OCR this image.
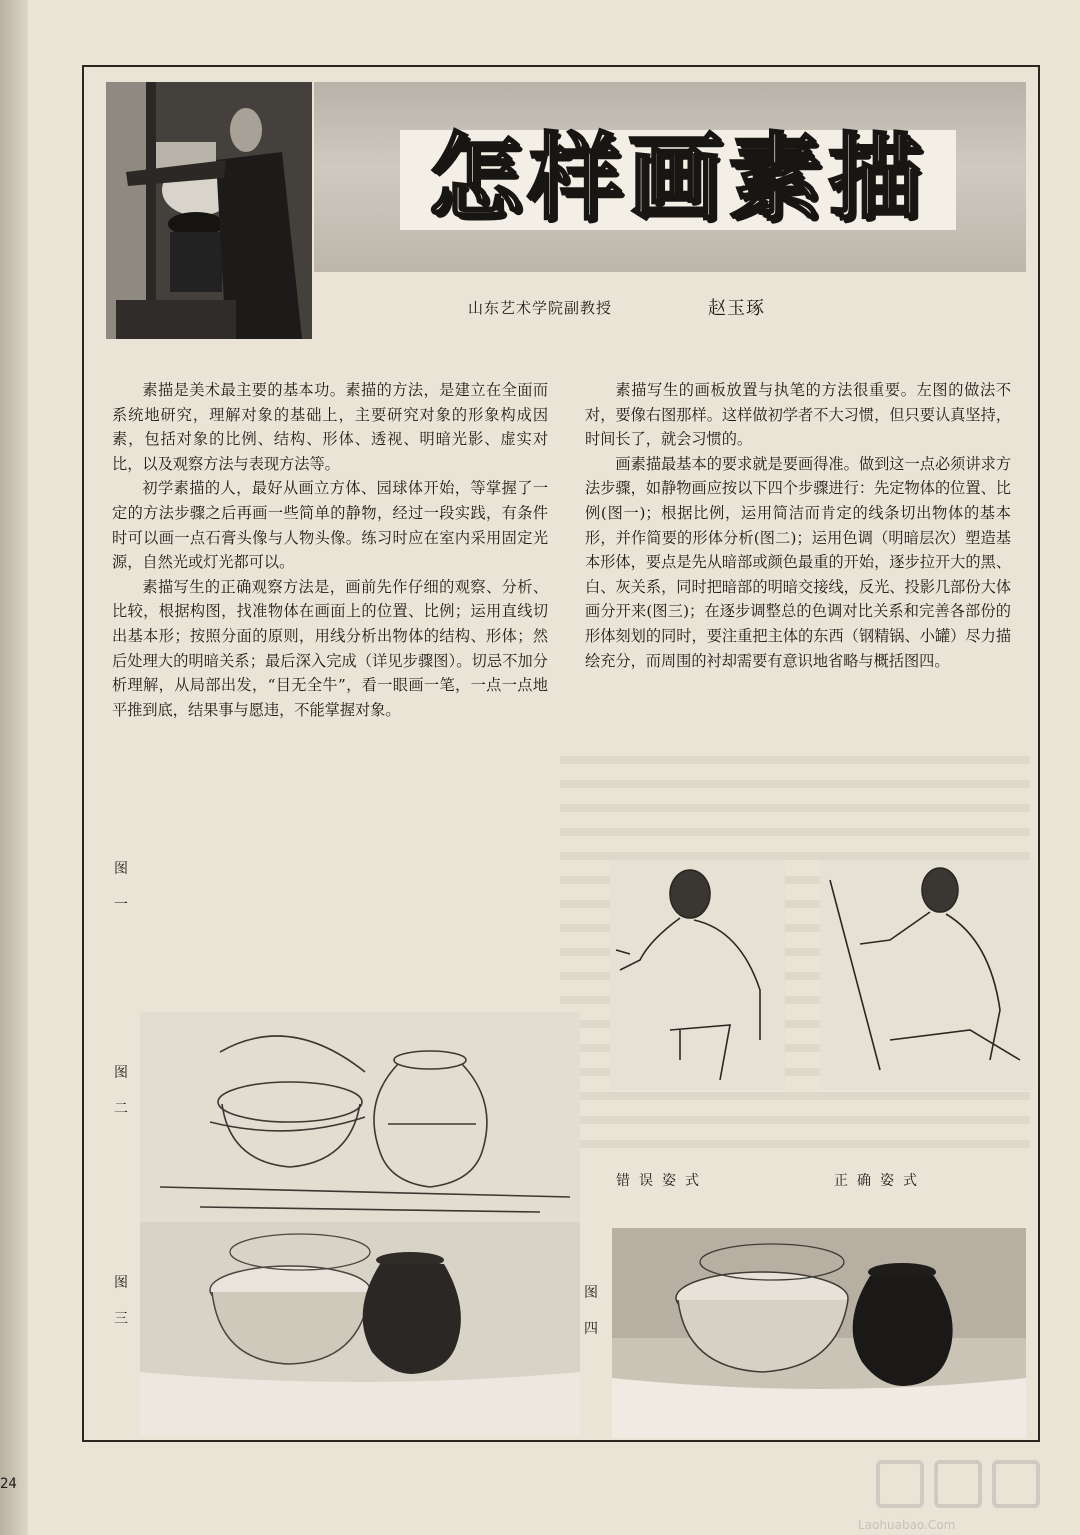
怎样画素描
山东艺术学院副教授	赵玉琢

素描是美术最主要的基本功。素描的方法，是建立在全面而系统地研究，理解对象的基础上，主要研究对象的形象构成因素，包括对象的比例、结构、形体、透视、明暗光影、虚实对比，以及观察方法与表现方法等。

初学素描的人，最好从画立方体、园球体开始，等掌握了一定的方法步骤之后再画一些简单的静物，经过一段实践，有条件时可以画一点石膏头像与人物头像。练习时应在室内采用固定光源，自然光或灯光都可以。

素描写生的正确观察方法是，画前先作仔细的观察、分析、比较，根据构图，找准物体在画面上的位置、比例；运用直线切出基本形；按照分面的原则，用线分析出物体的结构、形体；然后处理大的明暗关系；最后深入完成（详见步骤图）。切忌不加分析理解，从局部出发，“目无全牛”，看一眼画一笔，一点一点地平推到底，结果事与愿违，不能掌握对象。

素描写生的画板放置与执笔的方法很重要。左图的做法不对，要像右图那样。这样做初学者不大习惯，但只要认真坚持，时间长了，就会习惯的。

画素描最基本的要求就是要画得准。做到这一点必须讲求方法步骤，如静物画应按以下四个步骤进行：先定物体的位置、比例(图一)；根据比例，运用简洁而肯定的线条切出物体的基本形，并作简要的形体分析(图二)；运用色调（明暗层次）塑造基本形体，要点是先从暗部或颜色最重的开始，逐步拉开大的黑、白、灰关系，同时把暗部的明暗交接线，反光、投影几部份大体画分开来(图三)；在逐步调整总的色调对比关系和完善各部份的形体刻划的同时，要注重把主体的东西（钢精锅、小罐）尽力描绘充分，而周围的衬却需要有意识地省略与概括图四。

图
一
图
二
图
三
图
四
错误姿式	正确姿式
24
Laohuabao.Com
